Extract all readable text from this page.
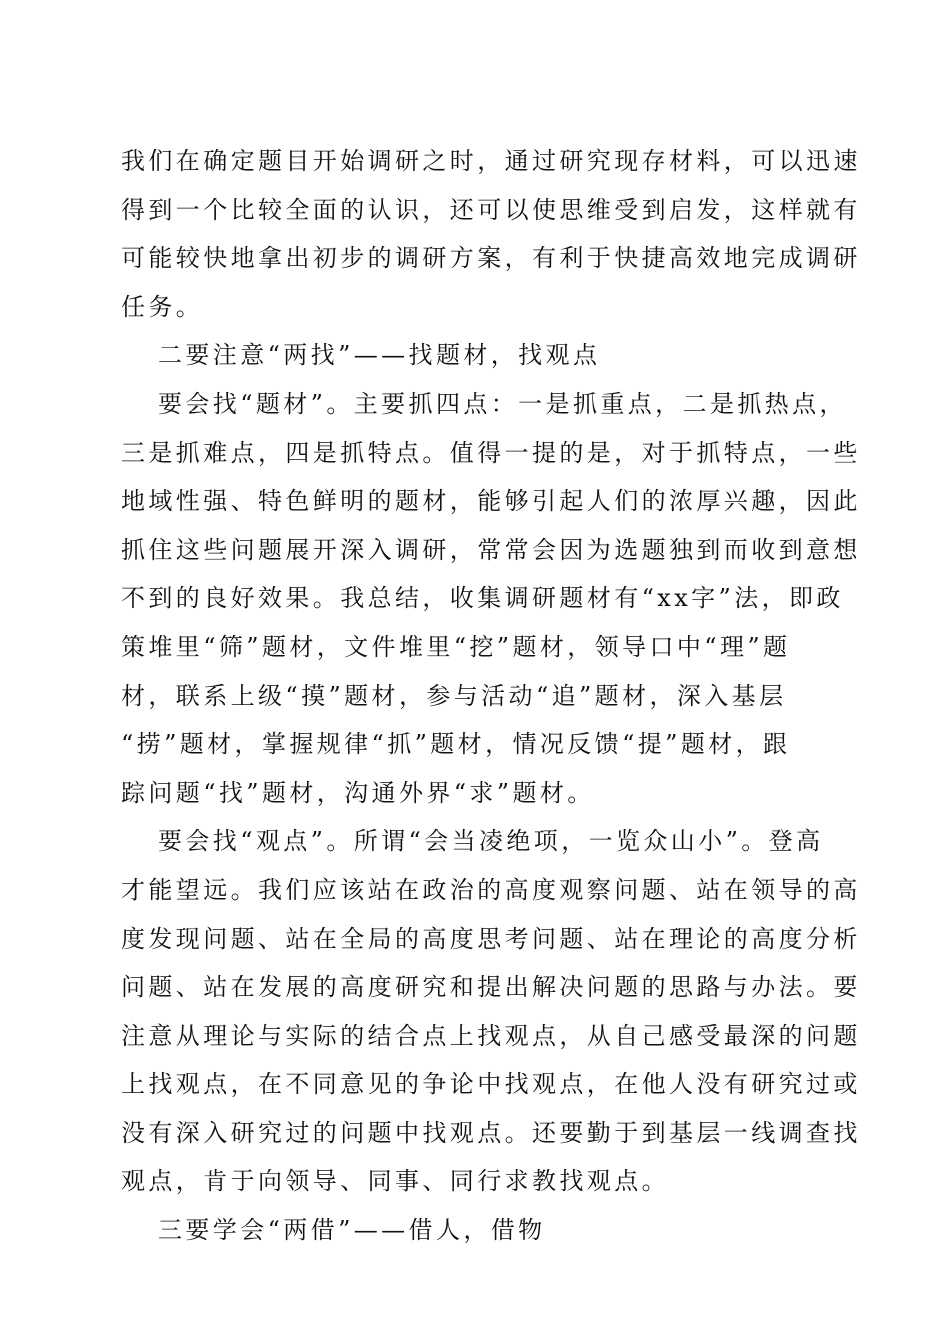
我们在确定题目开始调研之时，通过研究现存材料，可以迅速
得到一个比较全面的认识，还可以使思维受到启发，这样就有
可能较快地拿出初步的调研方案，有利于快捷高效地完成调研
任务。
二要注意“两找”——找题材，找观点
要会找“题材”。主要抓四点：一是抓重点，二是抓热点，
三是抓难点，四是抓特点。值得一提的是，对于抓特点，一些
地域性强、特色鲜明的题材，能够引起人们的浓厚兴趣，因此
抓住这些问题展开深入调研，常常会因为选题独到而收到意想
不到的良好效果。我总结，收集调研题材有“xx字”法，即政
策堆里“筛”题材，文件堆里“挖”题材，领导口中“理”题
材，联系上级“摸”题材，参与活动“追”题材，深入基层
“捞”题材，掌握规律“抓”题材，情况反馈“提”题材，跟
踪问题“找”题材，沟通外界“求”题材。
要会找“观点”。所谓“会当凌绝项，一览众山小”。登高
才能望远。我们应该站在政治的高度观察问题、站在领导的高
度发现问题、站在全局的高度思考问题、站在理论的高度分析
问题、站在发展的高度研究和提出解决问题的思路与办法。要
注意从理论与实际的结合点上找观点，从自己感受最深的问题
上找观点，在不同意见的争论中找观点，在他人没有研究过或
没有深入研究过的问题中找观点。还要勤于到基层一线调查找
观点，肯于向领导、同事、同行求教找观点。
三要学会“两借”——借人，借物
